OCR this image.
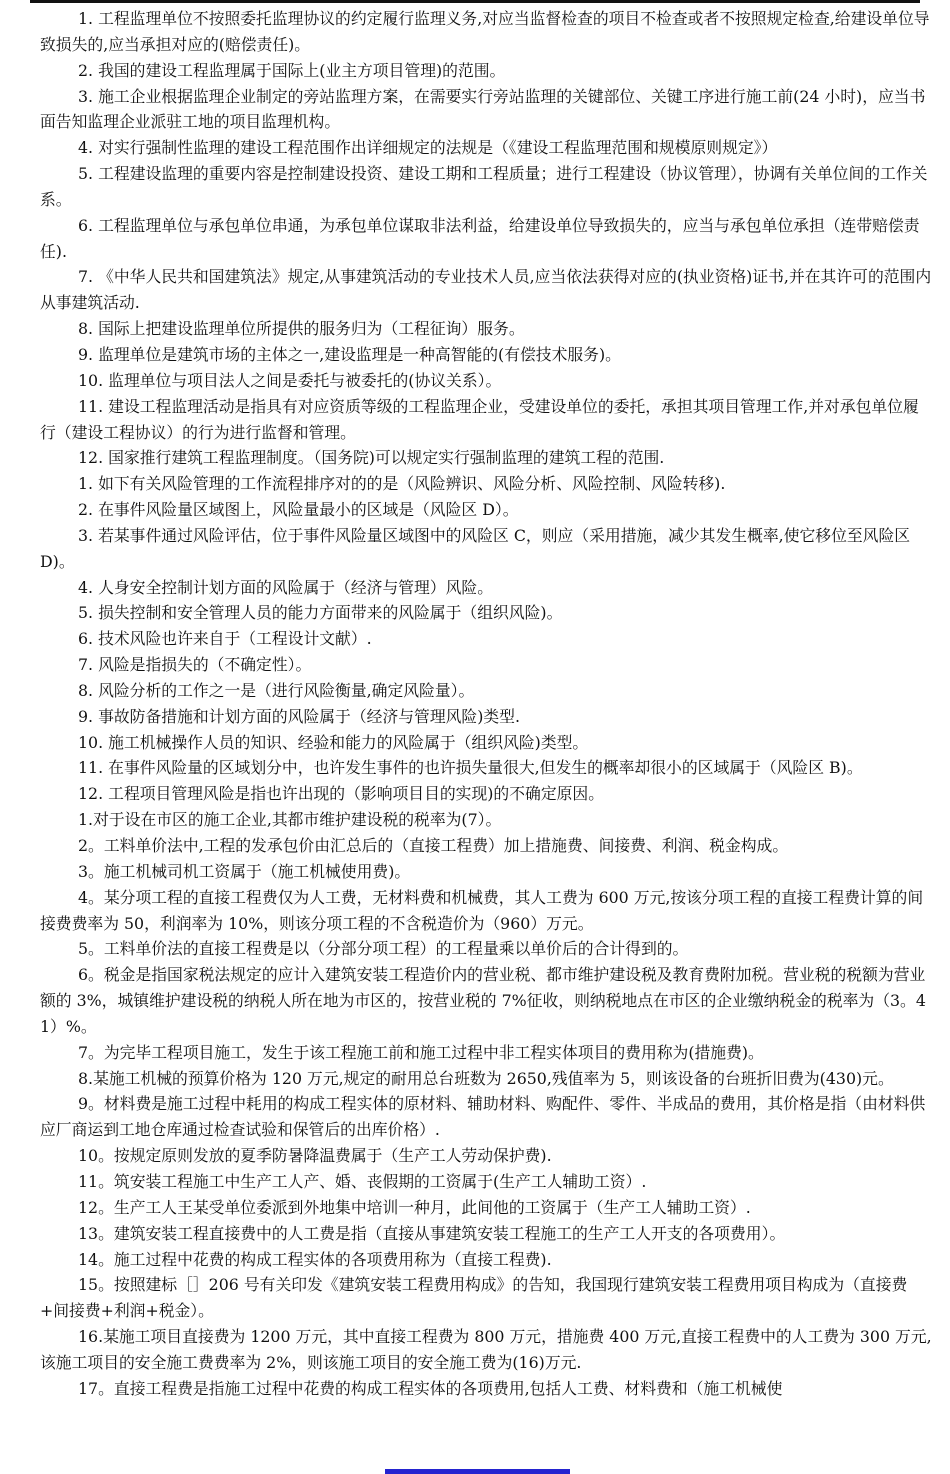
1. 工程监理单位不按照委托监理协议的约定履行监理义务,对应当监督检查的项目不检查或者不按照规定检查,给建设单位导致损失的,应当承担对应的(赔偿责任)。

2. 我国的建设工程监理属于国际上(业主方项目管理)的范围。

3. 施工企业根据监理企业制定的旁站监理方案，在需要实行旁站监理的关键部位、关键工序进行施工前(24 小时)，应当书面告知监理企业派驻工地的项目监理机构。

4. 对实行强制性监理的建设工程范围作出详细规定的法规是（《建设工程监理范围和规模原则规定》）

5. 工程建设监理的重要内容是控制建设投资、建设工期和工程质量；进行工程建设（协议管理），协调有关单位间的工作关系。

6. 工程监理单位与承包单位串通，为承包单位谋取非法利益，给建设单位导致损失的，应当与承包单位承担（连带赔偿责任).

7. 《中华人民共和国建筑法》规定,从事建筑活动的专业技术人员,应当依法获得对应的(执业资格)证书,并在其许可的范围内从事建筑活动.

8. 国际上把建设监理单位所提供的服务归为（工程征询）服务。

9. 监理单位是建筑市场的主体之一,建设监理是一种高智能的(有偿技术服务)。

10. 监理单位与项目法人之间是委托与被委托的(协议关系）。

11. 建设工程监理活动是指具有对应资质等级的工程监理企业，受建设单位的委托，承担其项目管理工作,并对承包单位履行（建设工程协议）的行为进行监督和管理。

12. 国家推行建筑工程监理制度。（国务院)可以规定实行强制监理的建筑工程的范围.

1. 如下有关风险管理的工作流程排序对的的是（风险辨识、风险分析、风险控制、风险转移).

2. 在事件风险量区域图上，风险量最小的区域是（风险区 D）。

3. 若某事件通过风险评估，位于事件风险量区域图中的风险区 C，则应（采用措施，减少其发生概率,使它移位至风险区 D)。

4. 人身安全控制计划方面的风险属于（经济与管理）风险。

5. 损失控制和安全管理人员的能力方面带来的风险属于（组织风险)。

6. 技术风险也许来自于（工程设计文献）.

7. 风险是指损失的（不确定性）。

8. 风险分析的工作之一是（进行风险衡量,确定风险量）。

9. 事故防备措施和计划方面的风险属于（经济与管理风险)类型.

10. 施工机械操作人员的知识、经验和能力的风险属于（组织风险)类型。

11. 在事件风险量的区域划分中，也许发生事件的也许损失量很大,但发生的概率却很小的区域属于（风险区 B)。

12. 工程项目管理风险是指也许出现的（影响项目目的实现)的不确定原因。

1.对于设在市区的施工企业,其都市维护建设税的税率为(7）。

2。工料单价法中,工程的发承包价由汇总后的（直接工程费）加上措施费、间接费、利润、税金构成。

3。施工机械司机工资属于（施工机械使用费)。

4。某分项工程的直接工程费仅为人工费，无材料费和机械费，其人工费为 600 万元,按该分项工程的直接工程费计算的间接费费率为 50，利润率为 10%，则该分项工程的不含税造价为（960）万元。

5。工料单价法的直接工程费是以（分部分项工程）的工程量乘以单价后的合计得到的。

6。税金是指国家税法规定的应计入建筑安装工程造价内的营业税、都市维护建设税及教育费附加税。营业税的税额为营业额的 3%，城镇维护建设税的纳税人所在地为市区的，按营业税的 7%征收，则纳税地点在市区的企业缴纳税金的税率为（3。41）%。

7。为完毕工程项目施工，发生于该工程施工前和施工过程中非工程实体项目的费用称为(措施费)。

8.某施工机械的预算价格为 120 万元,规定的耐用总台班数为 2650,残值率为 5，则该设备的台班折旧费为(430)元。

9。材料费是施工过程中耗用的构成工程实体的原材料、辅助材料、购配件、零件、半成品的费用，其价格是指（由材料供应厂商运到工地仓库通过检查试验和保管后的出库价格）.

10。按规定原则发放的夏季防暑降温费属于（生产工人劳动保护费).

11。筑安装工程施工中生产工人产、婚、丧假期的工资属于(生产工人辅助工资）.

12。生产工人王某受单位委派到外地集中培训一种月，此间他的工资属于（生产工人辅助工资）.

13。建筑安装工程直接费中的人工费是指（直接从事建筑安装工程施工的生产工人开支的各项费用）。

14。施工过程中花费的构成工程实体的各项费用称为（直接工程费).

15。按照建标［］206 号有关印发《建筑安装工程费用构成》的告知，我国现行建筑安装工程费用项目构成为（直接费+间接费+利润+税金）。

16.某施工项目直接费为 1200 万元，其中直接工程费为 800 万元，措施费 400 万元,直接工程费中的人工费为 300 万元,该施工项目的安全施工费费率为 2%，则该施工项目的安全施工费为(16)万元.

17。直接工程费是指施工过程中花费的构成工程实体的各项费用,包括人工费、材料费和（施工机械使
